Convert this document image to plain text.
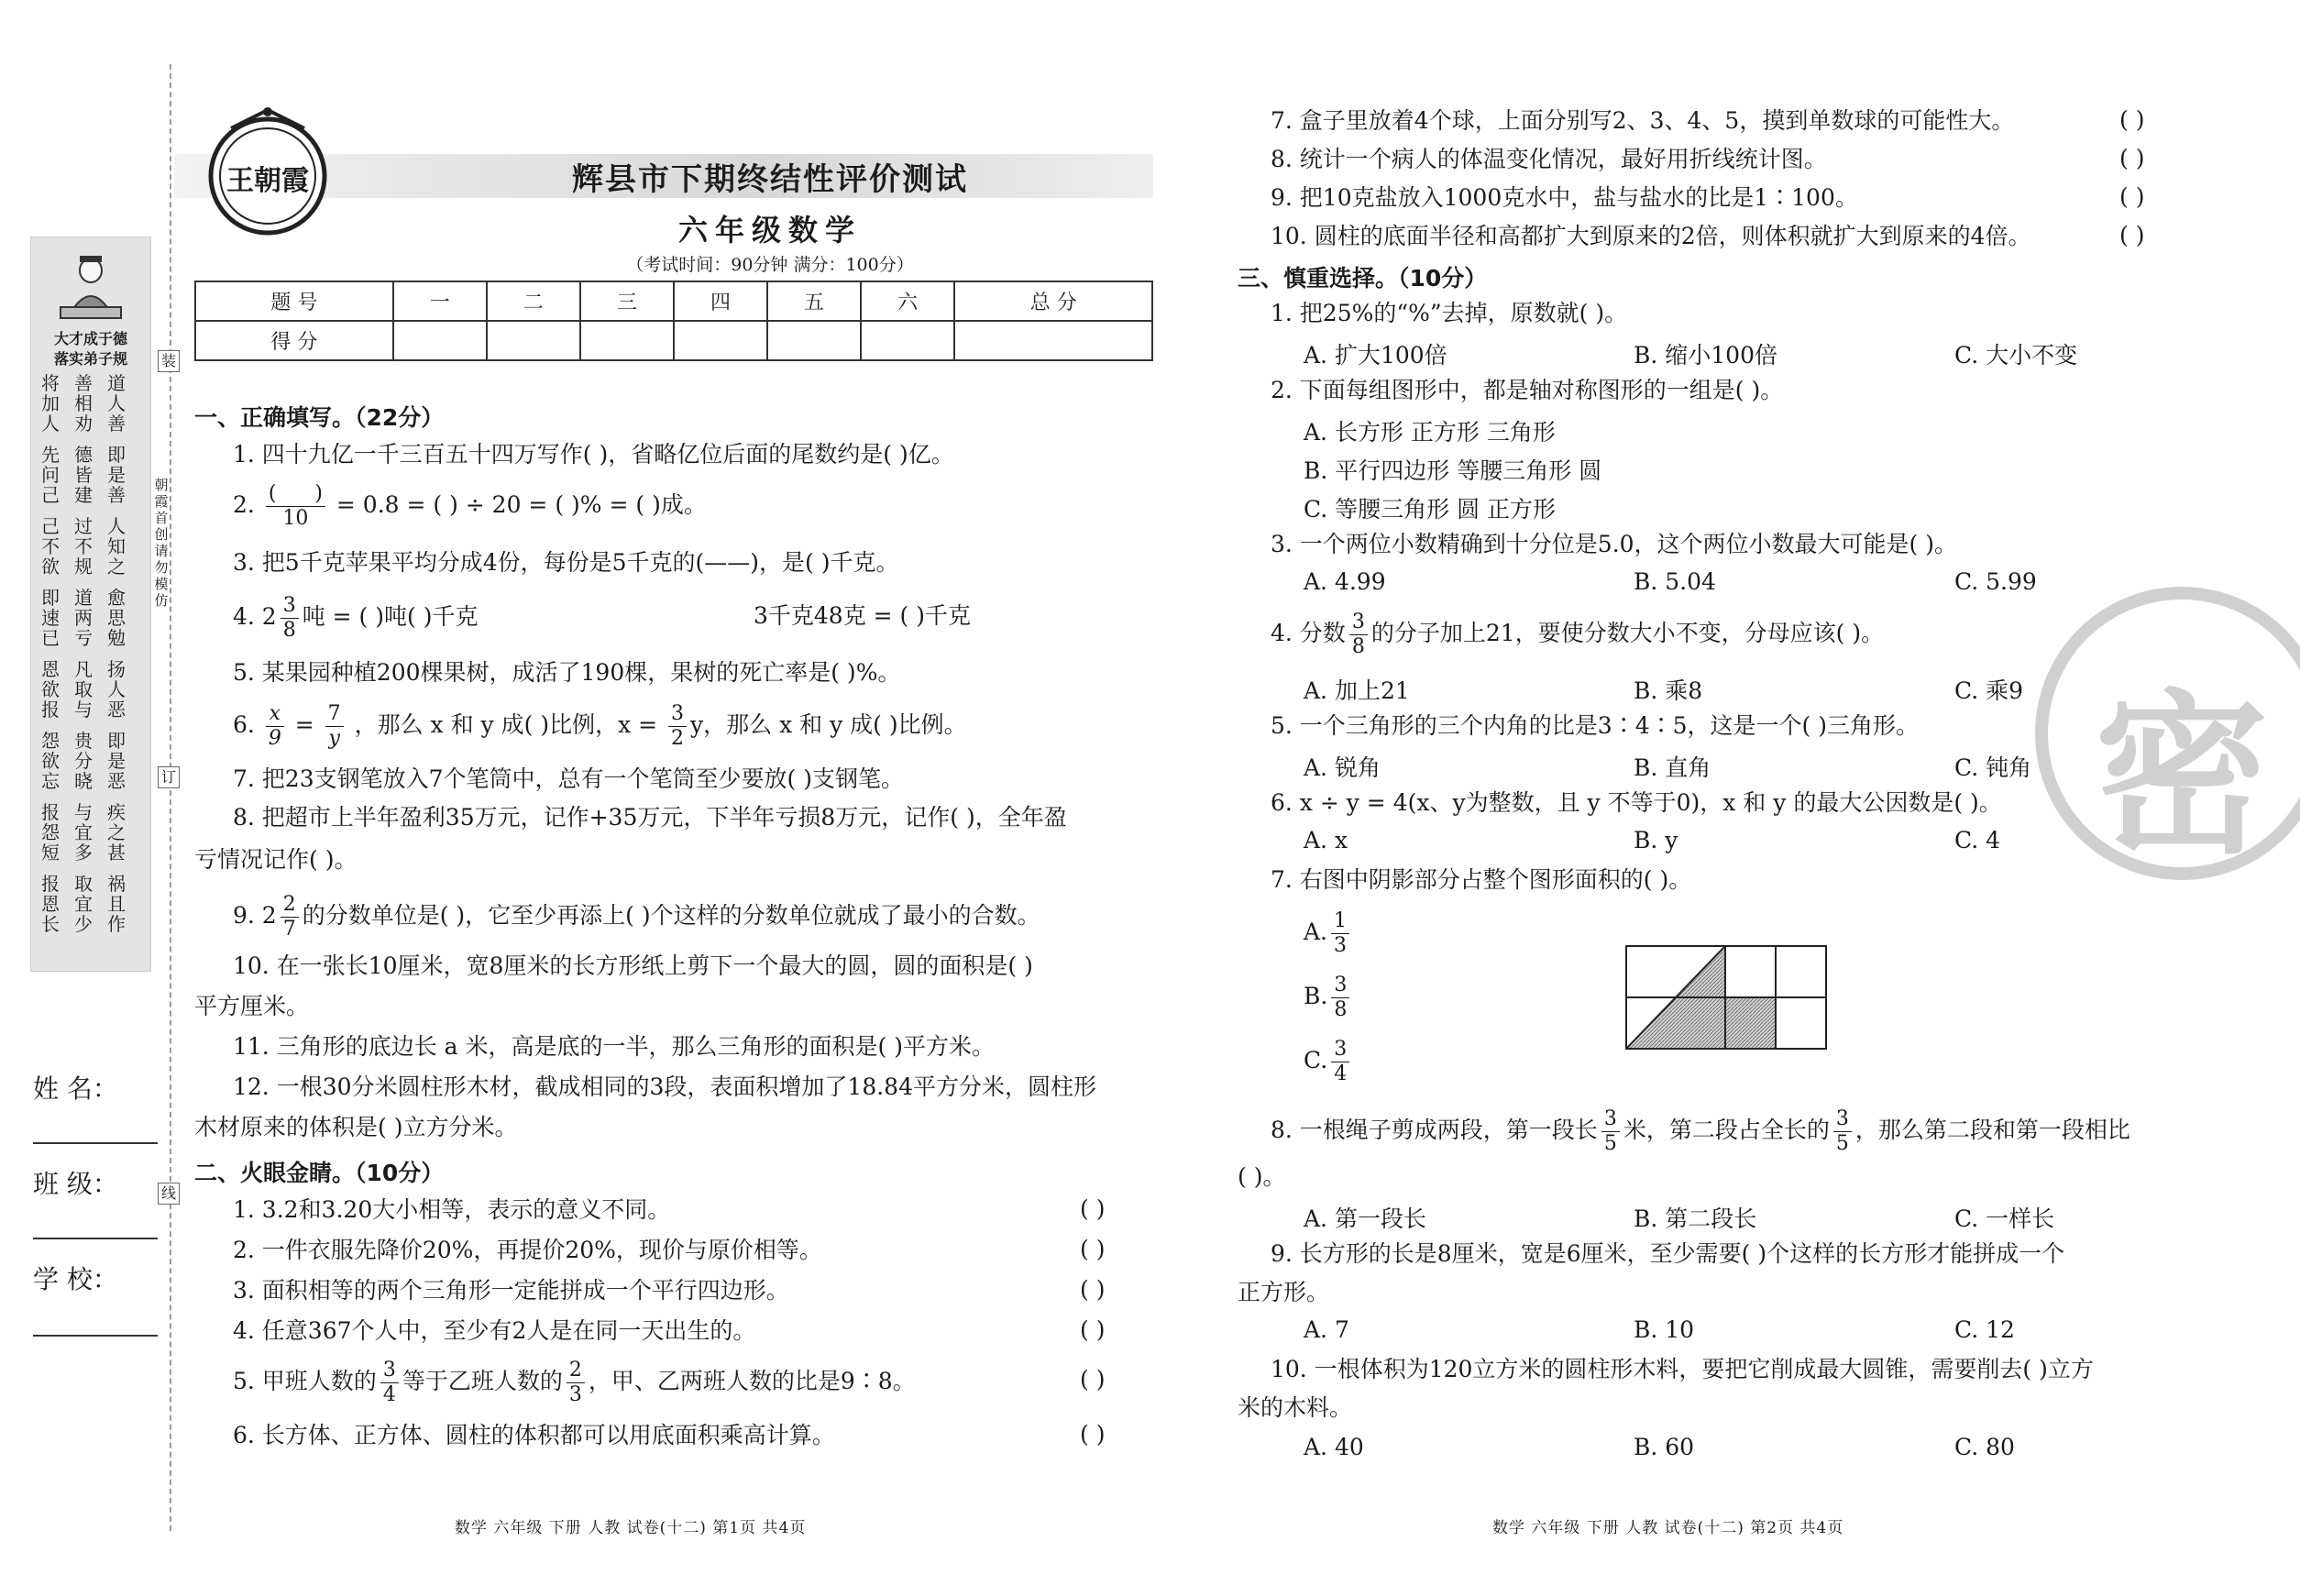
大才成于德
落实弟子规
将加人
善相劝
道人善
先问己
德皆建
即是善
己不欲
过不规
人知之
即速已
道两亏
愈思勉
恩欲报
凡取与
扬人恶
怨欲忘
贵分晓
即是恶
报怨短
与宜多
疾之甚
报恩长
取宜少
祸且作
装
朝霞首创 请勿模仿
订
线
姓 名：
班 级：
学 校：
王朝霞	辉县市下期终结性评价测试
六年级数学
（考试时间：90分钟 满分：100分）
题 号	一	二	三	四	五	六	总 分
得 分							
一、正确填写。（22分）
1. 四十九亿一千三百五十四万写作( )，省略亿位后面的尾数约是( )亿。
2. $\frac{( )}{10} = 0.8$ = ( ) ÷ 20 = ( )% = ( )成。
3. 把5千克苹果平均分成4份，每份是5千克的(——)，是( )千克。
4. $2 \frac{3}{8}$ 吨 = ( )吨( )千克	3千克48克 = ( )千克
5. 某果园种植200棵果树，成活了190棵，果树的死亡率是( )%。
6. $\frac{x}{9} = \frac{7}{y}$ ，那么 x 和 y 成( )比例，$x = \frac{3}{2}$ y，那么 x 和 y 成( )比例。
7. 把23支钢笔放入7个笔筒中，总有一个笔筒至少要放( )支钢笔。
8. 把超市上半年盈利35万元，记作+35万元，下半年亏损8万元，记作( )，全年盈
亏情况记作( )。
9. $2 \frac{2}{7}$ 的分数单位是( )，它至少再添上( )个这样的分数单位就成了最小的合数。
10. 在一张长10厘米，宽8厘米的长方形纸上剪下一个最大的圆，圆的面积是( )
平方厘米。
11. 三角形的底边长 a 米，高是底的一半，那么三角形的面积是( )平方米。
12. 一根30分米圆柱形木材，截成相同的3段，表面积增加了18.84平方分米，圆柱形
木材原来的体积是( )立方分米。
二、火眼金睛。（10分）
1. 3.2和3.20大小相等，表示的意义不同。	( )
2. 一件衣服先降价20%，再提价20%，现价与原价相等。	( )
3. 面积相等的两个三角形一定能拼成一个平行四边形。	( )
4. 任意367个人中，至少有2人是在同一天出生的。	( )
5. 甲班人数的 $\frac{3}{4}$ 等于乙班人数的 $\frac{2}{3}$ ，甲、乙两班人数的比是9∶8。	( )
6. 长方体、正方体、圆柱的体积都可以用底面积乘高计算。	( )
数学 六年级 下册 人教 试卷(十二) 第1页 共4页
7. 盒子里放着4个球，上面分别写2、3、4、5，摸到单数球的可能性大。	( )
8. 统计一个病人的体温变化情况，最好用折线统计图。	( )
9. 把10克盐放入1000克水中，盐与盐水的比是1∶100。	( )
10. 圆柱的底面半径和高都扩大到原来的2倍，则体积就扩大到原来的4倍。	( )
三、慎重选择。（10分）
1. 把25%的“%”去掉，原数就( )。
A. 扩大100倍	B. 缩小100倍	C. 大小不变
2. 下面每组图形中，都是轴对称图形的一组是( )。
A. 长方形 正方形 三角形
B. 平行四边形 等腰三角形 圆
C. 等腰三角形 圆 正方形
3. 一个两位小数精确到十分位是5.0，这个两位小数最大可能是( )。
A. 4.99	B. 5.04	C. 5.99
4. 分数 $\frac{3}{8}$ 的分子加上21，要使分数大小不变，分母应该( )。
A. 加上21	B. 乘8	C. 乘9
5. 一个三角形的三个内角的比是3∶4∶5，这是一个( )三角形。
A. 锐角	B. 直角	C. 钝角
6. x ÷ y = 4(x、y为整数，且 y 不等于0)，x 和 y 的最大公因数是( )。
A. x	B. y	C. 4
7. 右图中阴影部分占整个图形面积的( )。
A. $\frac{1}{3}$
B. $\frac{3}{8}$
C. $\frac{3}{4}$
8. 一根绳子剪成两段，第一段长 $\frac{3}{5}$ 米，第二段占全长的 $\frac{3}{5}$ ，那么第二段和第一段相比
( )。
A. 第一段长	B. 第二段长	C. 一样长
9. 长方形的长是8厘米，宽是6厘米，至少需要( )个这样的长方形才能拼成一个
正方形。
A. 7	B. 10	C. 12
10. 一根体积为120立方米的圆柱形木料，要把它削成最大圆锥，需要削去( )立方
米的木料。
A. 40	B. 60	C. 80
密
数学 六年级 下册 人教 试卷(十二) 第2页 共4页
